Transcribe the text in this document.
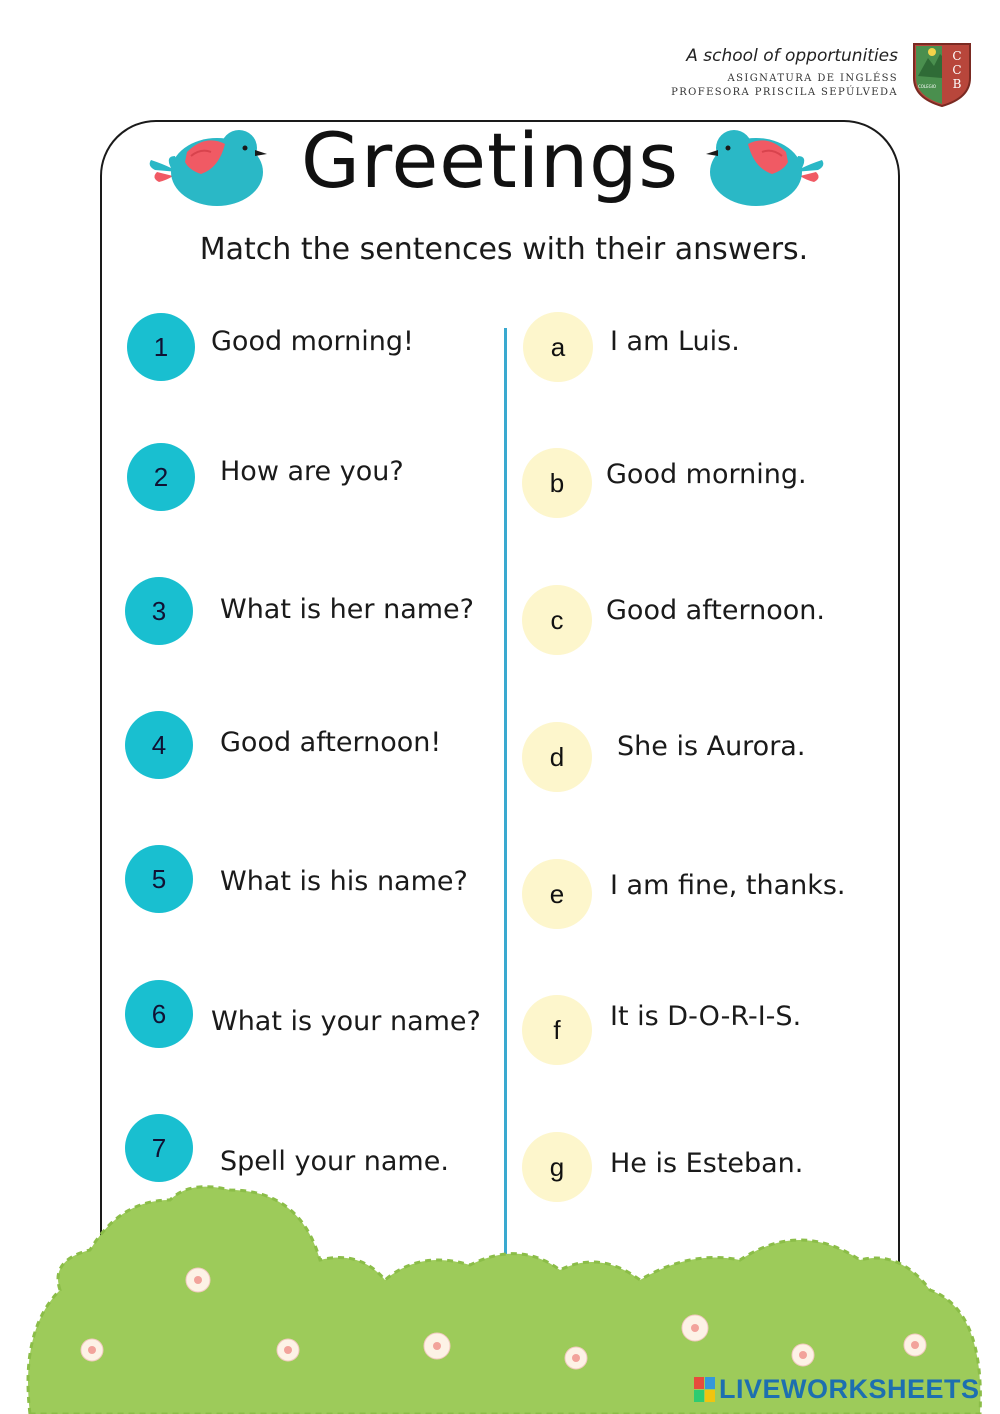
A school of opportunities
ASIGNATURA DE INGLÉSS
PROFESORA PRISCILA SEPÚLVEDA
COLEGIO
C
C
B
Greetings
Match the sentences with their answers.
1	Good morning!
2	How are you?
3	What is her name?
4	Good afternoon!
5	What is his name?
6	What is your name?
7	Spell your name.
a	I am Luis.
b	Good morning.
c	Good afternoon.
d	She is Aurora.
e	I am fine, thanks.
f	It is D-O-R-I-S.
g	He is Esteban.
LIVEWORKSHEETS
